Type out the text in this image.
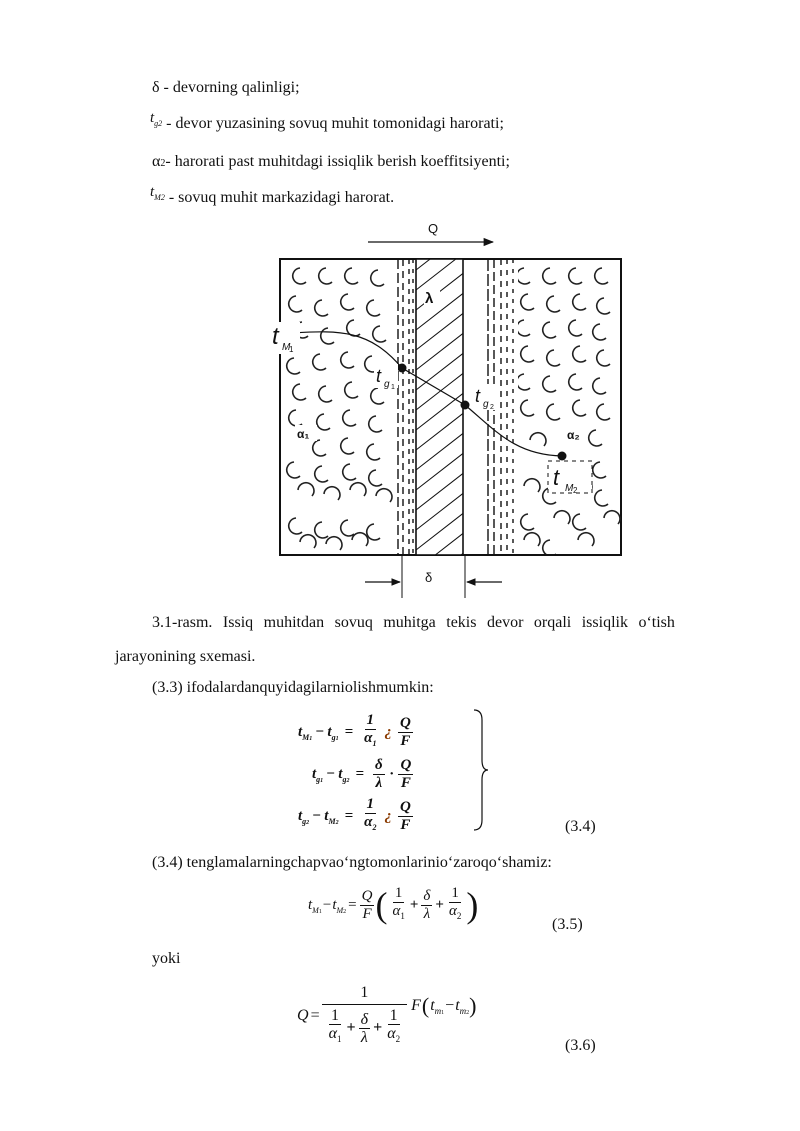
δ - devorning qalinligi;
tg2 - devor yuzasining sovuq muhit tomonidagi harorati;
α2- harorati past muhitdagi issiqlik berish koeffitsiyenti;
tM2 - sovuq muhit markazidagi harorat.
Q
λ
t M
1
t g 1	t g 2
t M 2
α₁	α₂
δ
3.1-rasm. Issiq muhitdan sovuq muhitga tekis devor orqali issiqlik o‘tish
jarayonining sxemasi.
(3.3) ifodalardanquyidagilarniolishmumkin:
t M 1 − t g $1 = \frac{1}{\alpha_1}$ ¿ $\frac{Q}{F}$
t g 1 − t g $2 = \frac{\delta}{\lambda} \cdot \frac{Q}{F}$
t g 2 − t M $2 = \frac{1}{\alpha_2}$ ¿ $\frac{Q}{F}$	(3.4)
(3.4) tenglamalarningchapvao‘ngtomonlarinio‘zaroqo‘shamiz:
t M 1 − t M $2 = \frac{Q}{F}$ ( $\frac{1}{\alpha_1} + \frac{\delta}{\lambda} + \frac{1}{\alpha_2}$ )	(3.5)
yoki
$Q = \frac{1}{\frac{1}{\alpha_1} + \frac{\delta}{\lambda} + \frac{1}{\alpha_2}}$ F ( t m 1 − t m 2 )
(3.6)
